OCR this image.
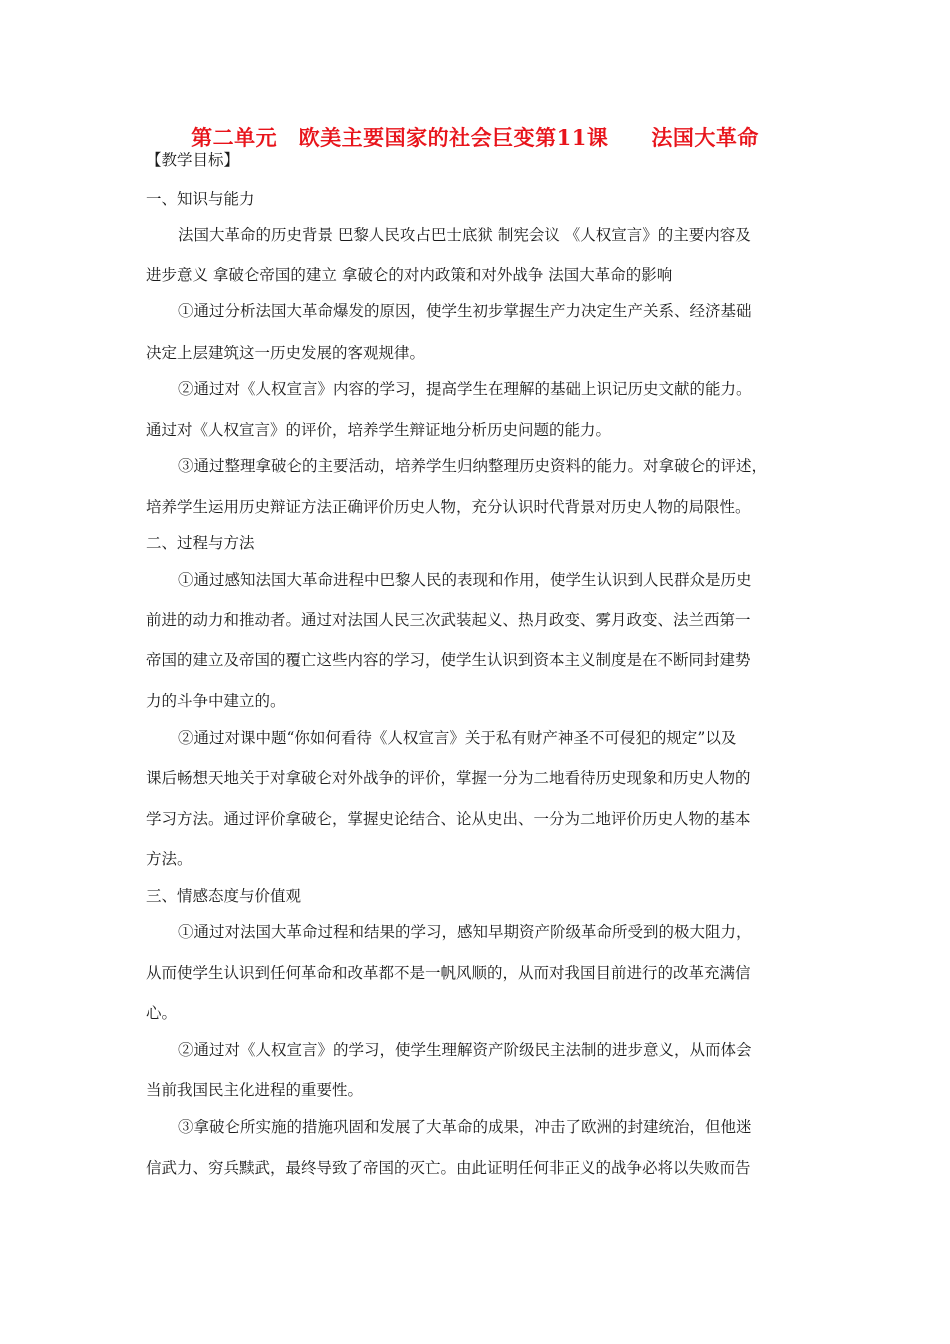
第二单元　欧美主要国家的社会巨变第11课　　法国大革命
【教学目标】
一、知识与能力
法国大革命的历史背景 巴黎人民攻占巴士底狱 制宪会议 《人权宣言》的主要内容及
进步意义 拿破仑帝国的建立 拿破仑的对内政策和对外战争 法国大革命的影响
①通过分析法国大革命爆发的原因，使学生初步掌握生产力决定生产关系、经济基础
决定上层建筑这一历史发展的客观规律。
②通过对《人权宣言》内容的学习，提高学生在理解的基础上识记历史文献的能力。
通过对《人权宣言》的评价，培养学生辩证地分析历史问题的能力。
③通过整理拿破仑的主要活动，培养学生归纳整理历史资料的能力。对拿破仑的评述，
培养学生运用历史辩证方法正确评价历史人物，充分认识时代背景对历史人物的局限性。
二、过程与方法
①通过感知法国大革命进程中巴黎人民的表现和作用，使学生认识到人民群众是历史
前进的动力和推动者。通过对法国人民三次武装起义、热月政变、雾月政变、法兰西第一
帝国的建立及帝国的覆亡这些内容的学习，使学生认识到资本主义制度是在不断同封建势
力的斗争中建立的。
②通过对课中题“你如何看待《人权宣言》关于私有财产神圣不可侵犯的规定”以及
课后畅想天地关于对拿破仑对外战争的评价，掌握一分为二地看待历史现象和历史人物的
学习方法。通过评价拿破仑，掌握史论结合、论从史出、一分为二地评价历史人物的基本
方法。
三、情感态度与价值观
①通过对法国大革命过程和结果的学习，感知早期资产阶级革命所受到的极大阻力，
从而使学生认识到任何革命和改革都不是一帆风顺的，从而对我国目前进行的改革充满信
心。
②通过对《人权宣言》的学习，使学生理解资产阶级民主法制的进步意义，从而体会
当前我国民主化进程的重要性。
③拿破仑所实施的措施巩固和发展了大革命的成果，冲击了欧洲的封建统治，但他迷
信武力、穷兵黩武，最终导致了帝国的灭亡。由此证明任何非正义的战争必将以失败而告
